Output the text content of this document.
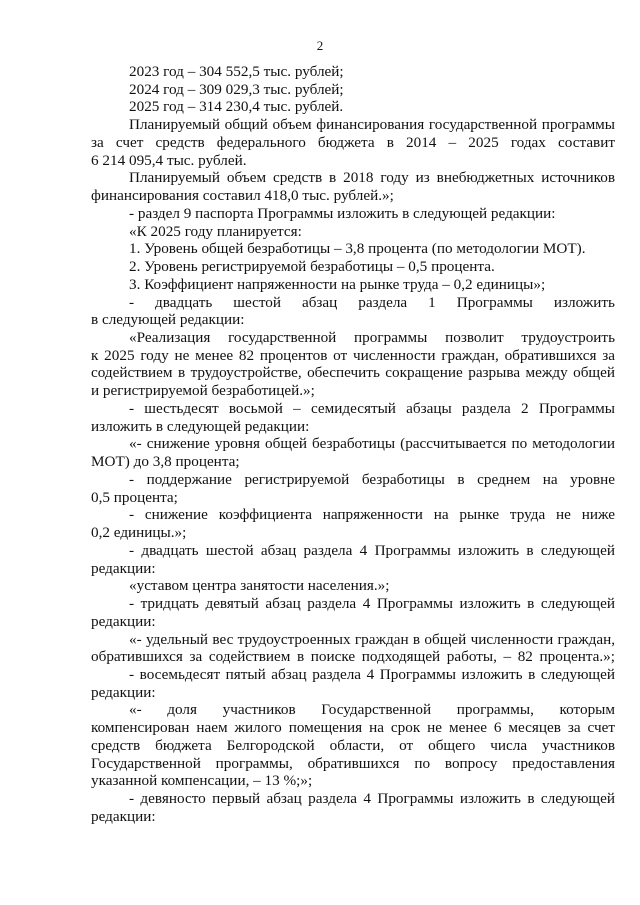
2
2023 год – 304 552,5 тыс. рублей;
2024 год – 309 029,3 тыс. рублей;
2025 год – 314 230,4 тыс. рублей.
Планируемый общий объем финансирования государственной программы
за счет средств федерального бюджета в 2014 – 2025 годах составит
6 214 095,4 тыс. рублей.
Планируемый объем средств в 2018 году из внебюджетных источников
финансирования составил 418,0 тыс. рублей.»;
- раздел 9 паспорта Программы изложить в следующей редакции:
«К 2025 году планируется:
1. Уровень общей безработицы – 3,8 процента (по методологии МОТ).
2. Уровень регистрируемой безработицы – 0,5 процента.
3. Коэффициент напряженности на рынке труда – 0,2 единицы»;
- двадцать шестой абзац раздела 1 Программы изложить
в следующей редакции:
«Реализация государственной программы позволит трудоустроить
к 2025 году не менее 82 процентов от численности граждан, обратившихся за
содействием в трудоустройстве, обеспечить сокращение разрыва между общей
и регистрируемой безработицей.»;
- шестьдесят восьмой – семидесятый абзацы раздела 2 Программы
изложить в следующей редакции:
«- снижение уровня общей безработицы (рассчитывается по методологии
МОТ) до 3,8 процента;
- поддержание регистрируемой безработицы в среднем на уровне
0,5 процента;
- снижение коэффициента напряженности на рынке труда не ниже
0,2 единицы.»;
- двадцать шестой абзац раздела 4 Программы изложить в следующей
редакции:
«уставом центра занятости населения.»;
- тридцать девятый абзац раздела 4 Программы изложить в следующей
редакции:
«- удельный вес трудоустроенных граждан в общей численности граждан,
обратившихся за содействием в поиске подходящей работы, – 82 процента.»;
- восемьдесят пятый абзац раздела 4 Программы изложить в следующей
редакции:
«- доля участников Государственной программы, которым
компенсирован наем жилого помещения на срок не менее 6 месяцев за счет
средств бюджета Белгородской области, от общего числа участников
Государственной программы, обратившихся по вопросу предоставления
указанной компенсации, – 13 %;»;
- девяносто первый абзац раздела 4 Программы изложить в следующей
редакции:
